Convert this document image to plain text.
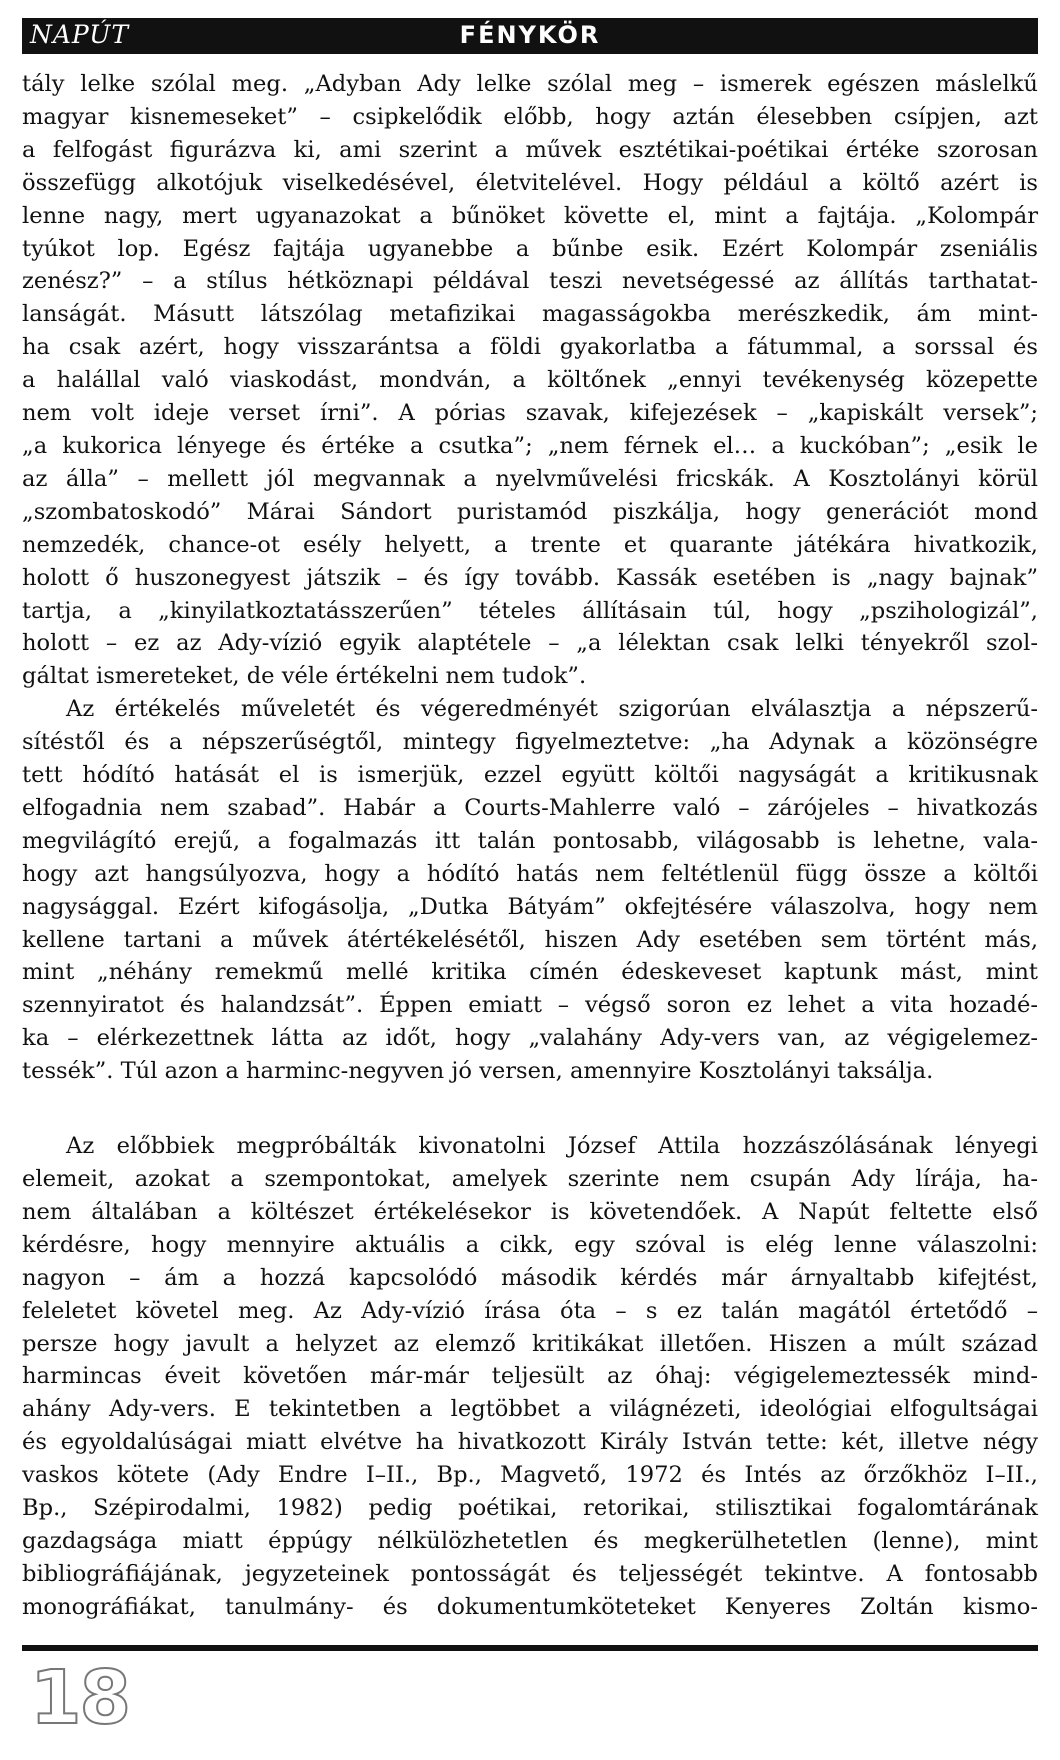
NAPÚT	FÉNYKÖR
tály lelke szólal meg. „Adyban Ady lelke szólal meg – ismerek egészen máslelkű
magyar kisnemeseket” – csipkelődik előbb, hogy aztán élesebben csípjen, azt
a felfogást figurázva ki, ami szerint a művek esztétikai-poétikai értéke szorosan
összefügg alkotójuk viselkedésével, életvitelével. Hogy például a költő azért is
lenne nagy, mert ugyanazokat a bűnöket követte el, mint a fajtája. „Kolompár
tyúkot lop. Egész fajtája ugyanebbe a bűnbe esik. Ezért Kolompár zseniális
zenész?” – a stílus hétköznapi példával teszi nevetségessé az állítás tarthatat-
lanságát. Másutt látszólag metafizikai magasságokba merészkedik, ám mint-
ha csak azért, hogy visszarántsa a földi gyakorlatba a fátummal, a sorssal és
a halállal való viaskodást, mondván, a költőnek „ennyi tevékenység közepette
nem volt ideje verset írni”. A pórias szavak, kifejezések – „kapiskált versek”;
„a kukorica lényege és értéke a csutka”; „nem férnek el… a kuckóban”; „esik le
az álla” – mellett jól megvannak a nyelvművelési fricskák. A Kosztolányi körül
„szombatoskodó” Márai Sándort puristamód piszkálja, hogy generációt mond
nemzedék, chance-ot esély helyett, a trente et quarante játékára hivatkozik,
holott ő huszonegyest játszik – és így tovább. Kassák esetében is „nagy bajnak”
tartja, a „kinyilatkoztatásszerűen” tételes állításain túl, hogy „pszihologizál”,
holott – ez az Ady-vízió egyik alaptétele – „a lélektan csak lelki tényekről szol-
gáltat ismereteket, de véle értékelni nem tudok”.
Az értékelés műveletét és végeredményét szigorúan elválasztja a népszerű-
sítéstől és a népszerűségtől, mintegy figyelmeztetve: „ha Adynak a közönségre
tett hódító hatását el is ismerjük, ezzel együtt költői nagyságát a kritikusnak
elfogadnia nem szabad”. Habár a Courts-Mahlerre való – zárójeles – hivatkozás
megvilágító erejű, a fogalmazás itt talán pontosabb, világosabb is lehetne, vala-
hogy azt hangsúlyozva, hogy a hódító hatás nem feltétlenül függ össze a költői
nagysággal. Ezért kifogásolja, „Dutka Bátyám” okfejtésére válaszolva, hogy nem
kellene tartani a művek átértékelésétől, hiszen Ady esetében sem történt más,
mint „néhány remekmű mellé kritika címén édeskeveset kaptunk mást, mint
szennyiratot és halandzsát”. Éppen emiatt – végső soron ez lehet a vita hozadé-
ka – elérkezettnek látta az időt, hogy „valahány Ady-vers van, az végigelemez-
tessék”. Túl azon a harminc-negyven jó versen, amennyire Kosztolányi taksálja.
Az előbbiek megpróbálták kivonatolni József Attila hozzászólásának lényegi
elemeit, azokat a szempontokat, amelyek szerinte nem csupán Ady lírája, ha-
nem általában a költészet értékelésekor is követendőek. A Napút feltette első
kérdésre, hogy mennyire aktuális a cikk, egy szóval is elég lenne válaszolni:
nagyon – ám a hozzá kapcsolódó második kérdés már árnyaltabb kifejtést,
feleletet követel meg. Az Ady-vízió írása óta – s ez talán magától értetődő –
persze hogy javult a helyzet az elemző kritikákat illetően. Hiszen a múlt század
harmincas éveit követően már-már teljesült az óhaj: végigelemeztessék mind-
ahány Ady-vers. E tekintetben a legtöbbet a világnézeti, ideológiai elfogultságai
és egyoldalúságai miatt elvétve ha hivatkozott Király István tette: két, illetve négy
vaskos kötete (Ady Endre I–II., Bp., Magvető, 1972 és Intés az őrzőkhöz I–II.,
Bp., Szépirodalmi, 1982) pedig poétikai, retorikai, stilisztikai fogalomtárának
gazdagsága miatt éppúgy nélkülözhetetlen és megkerülhetetlen (lenne), mint
bibliográfiájának, jegyzeteinek pontosságát és teljességét tekintve. A fontosabb
monográfiákat, tanulmány- és dokumentumköteteket Kenyeres Zoltán kismo-
18
